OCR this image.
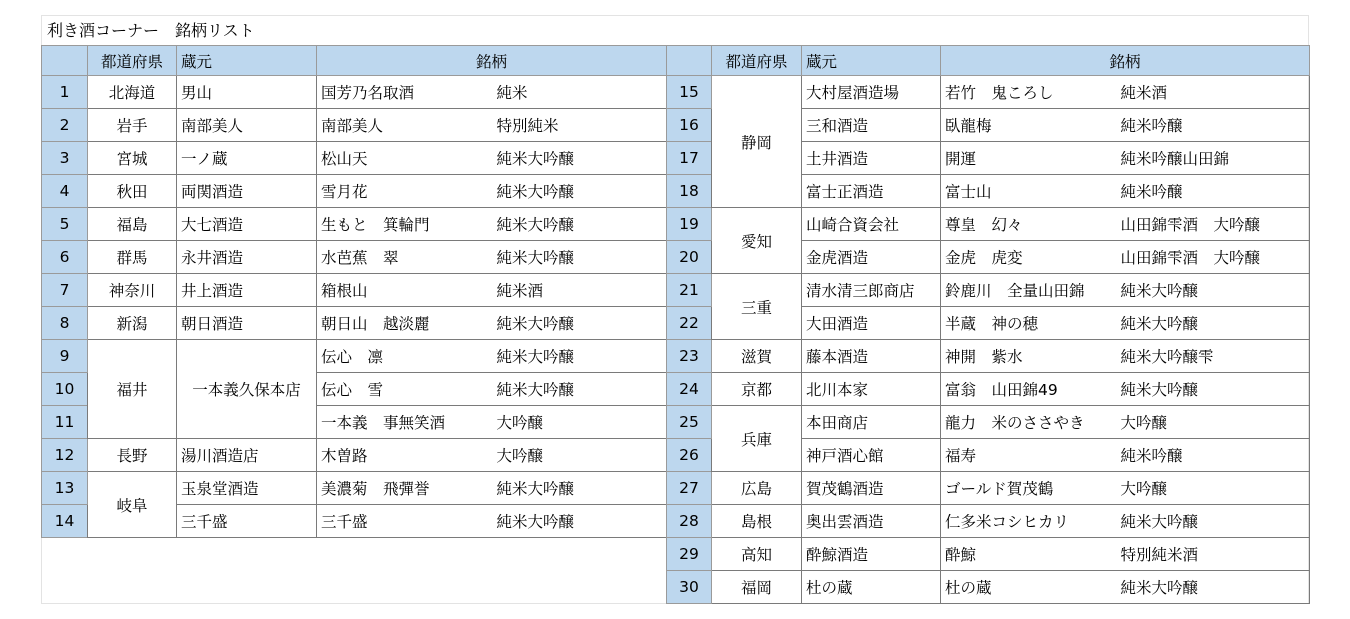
利き酒コーナー　銘柄リスト
	都道府県	蔵元	銘柄	
1	北海道	男山	国芳乃名取酒	純米
2	岩手	南部美人	南部美人	特別純米
3	宮城	一ノ蔵	松山天	純米大吟醸
4	秋田	両関酒造	雪月花	純米大吟醸
5	福島	大七酒造	生もと　箕輪門	純米大吟醸
6	群馬	永井酒造	水芭蕉　翠	純米大吟醸
7	神奈川	井上酒造	箱根山	純米酒
8	新潟	朝日酒造	朝日山　越淡麗	純米大吟醸
9	福井	一本義久保本店	伝心　凛	純米大吟醸
10			伝心　雪	純米大吟醸
11			一本義　事無笑酒	大吟醸
12	長野	湯川酒造店	木曽路	大吟醸
13	岐阜	玉泉堂酒造	美濃菊　飛彈誉	純米大吟醸
14		三千盛	三千盛	純米大吟醸
	都道府県	蔵元	銘柄	
15	静岡	大村屋酒造場	若竹　鬼ころし	純米酒
16		三和酒造	臥龍梅	純米吟醸
17		土井酒造	開運	純米吟醸山田錦
18		富士正酒造	富士山	純米吟醸
19	愛知	山崎合資会社	尊皇　幻々	山田錦雫酒　大吟醸
20		金虎酒造	金虎　虎変	山田錦雫酒　大吟醸
21	三重	清水清三郎商店	鈴鹿川　全量山田錦	純米大吟醸
22		大田酒造	半蔵　神の穂	純米大吟醸
23	滋賀	藤本酒造	神開　紫水	純米大吟醸雫
24	京都	北川本家	富翁　山田錦49	純米大吟醸
25	兵庫	本田商店	龍力　米のささやき	大吟醸
26		神戸酒心館	福寿	純米吟醸
27	広島	賀茂鶴酒造	ゴールド賀茂鶴	大吟醸
28	島根	奥出雲酒造	仁多米コシヒカリ	純米大吟醸
29	高知	酔鯨酒造	酔鯨	特別純米酒
30	福岡	杜の蔵	杜の蔵	純米大吟醸
